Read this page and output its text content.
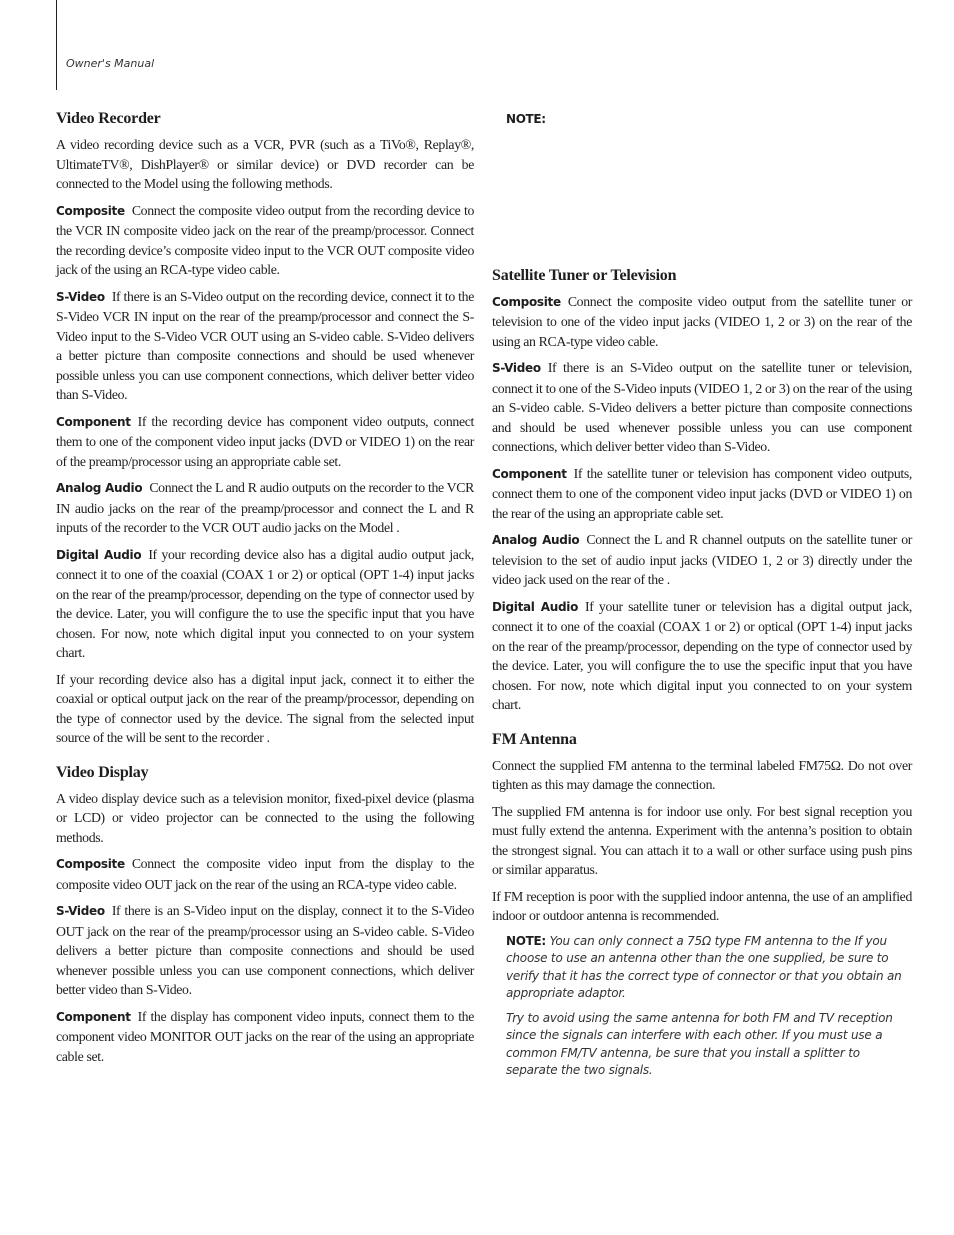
Owner's Manual
Video Recorder

A video recording device such as a VCR, PVR (such as a TiVo®, Replay®, UltimateTV®, DishPlayer® or similar device) or DVD recorder can be connected to the Model using the following methods.

Composite Connect the composite video output from the recording device to the VCR IN composite video jack on the rear of the preamp/processor. Connect the recording device’s composite video input to the VCR OUT composite video jack of the using an RCA-type video cable.

S-Video If there is an S-Video output on the recording device, connect it to the S-Video VCR IN input on the rear of the preamp/processor and connect the S-Video input to the S-Video VCR OUT using an S-video cable. S-Video delivers a better picture than composite connections and should be used whenever possible unless you can use component connections, which deliver better video than S-Video.

Component If the recording device has component video outputs, connect them to one of the component video input jacks (DVD or VIDEO 1) on the rear of the preamp/processor using an appropriate cable set.

Analog Audio Connect the L and R audio outputs on the recorder to the VCR IN audio jacks on the rear of the preamp/processor and connect the L and R inputs of the recorder to the VCR OUT audio jacks on the Model .

Digital Audio If your recording device also has a digital audio output jack, connect it to one of the coaxial (COAX 1 or 2) or optical (OPT 1-4) input jacks on the rear of the preamp/processor, depending on the type of connector used by the device. Later, you will configure the to use the specific input that you have chosen. For now, note which digital input you connected to on your system chart.

If your recording device also has a digital input jack, connect it to either the coaxial or optical output jack on the rear of the preamp/processor, depending on the type of connector used by the device. The signal from the selected input source of the will be sent to the recorder .

Video Display

A video display device such as a television monitor, fixed-pixel device (plasma or LCD) or video projector can be connected to the using the following methods.

Composite Connect the composite video input from the display to the composite video OUT jack on the rear of the using an RCA-type video cable.

S-Video If there is an S-Video input on the display, connect it to the S-Video OUT jack on the rear of the preamp/processor using an S-video cable. S-Video delivers a better picture than composite connections and should be used whenever possible unless you can use component connections, which deliver better video than S-Video.

Component If the display has component video inputs, connect them to the component video MONITOR OUT jacks on the rear of the using an appropriate cable set.

NOTE:
Satellite Tuner or Television

Composite Connect the composite video output from the satellite tuner or television to one of the video input jacks (VIDEO 1, 2 or 3) on the rear of the using an RCA-type video cable.

S-Video If there is an S-Video output on the satellite tuner or television, connect it to one of the S-Video inputs (VIDEO 1, 2 or 3) on the rear of the using an S-video cable. S-Video delivers a better picture than composite connections and should be used whenever possible unless you can use component connections, which deliver better video than S-Video.

Component If the satellite tuner or television has component video outputs, connect them to one of the component video input jacks (DVD or VIDEO 1) on the rear of the using an appropriate cable set.

Analog Audio Connect the L and R channel outputs on the satellite tuner or television to the set of audio input jacks (VIDEO 1, 2 or 3) directly under the video jack used on the rear of the .

Digital Audio If your satellite tuner or television has a digital output jack, connect it to one of the coaxial (COAX 1 or 2) or optical (OPT 1-4) input jacks on the rear of the preamp/processor, depending on the type of connector used by the device. Later, you will configure the to use the specific input that you have chosen. For now, note which digital input you connected to on your system chart.

FM Antenna

Connect the supplied FM antenna to the terminal labeled FM75Ω. Do not over tighten as this may damage the connection.

The supplied FM antenna is for indoor use only. For best signal reception you must fully extend the antenna. Experiment with the antenna’s position to obtain the strongest signal. You can attach it to a wall or other surface using push pins or similar apparatus.

If FM reception is poor with the supplied indoor antenna, the use of an amplified indoor or outdoor antenna is recommended.

NOTE: You can only connect a 75Ω type FM antenna to the If you choose to use an antenna other than the one supplied, be sure to verify that it has the correct type of connector or that you obtain an appropriate adaptor.
Try to avoid using the same antenna for both FM and TV reception since the signals can interfere with each other. If you must use a common FM/TV antenna, be sure that you install a splitter to separate the two signals.
